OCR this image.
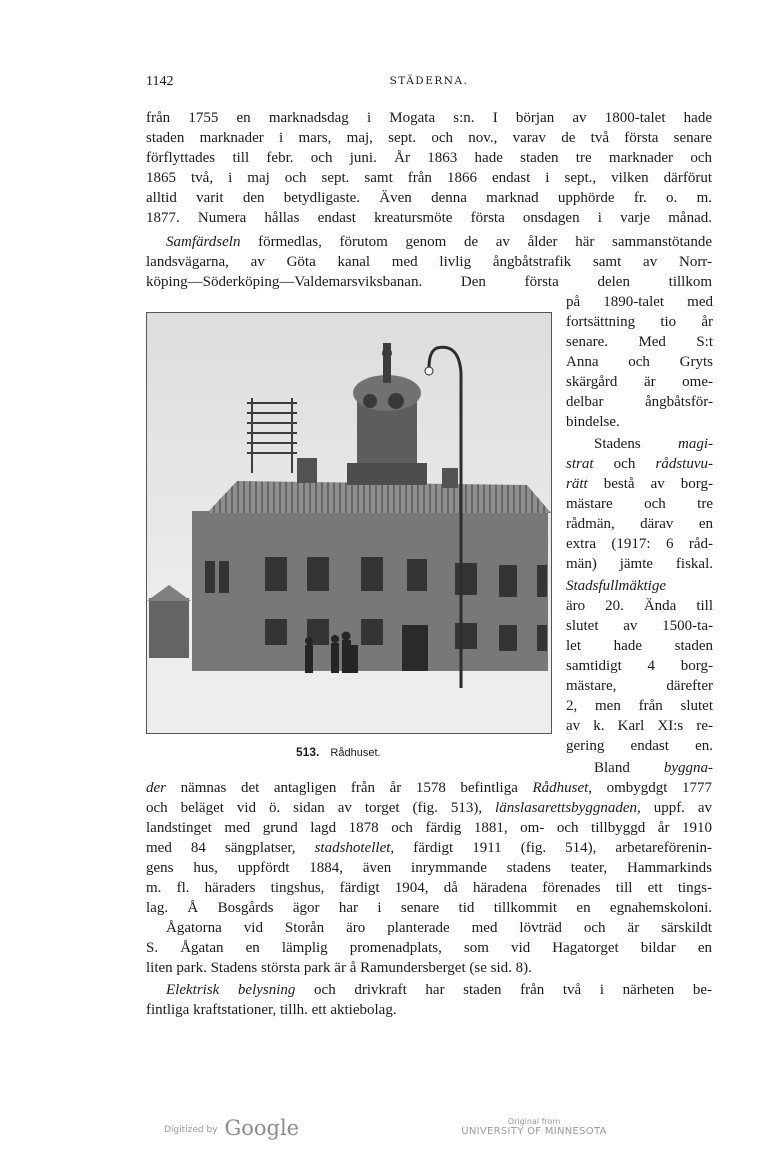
1142	STÄDERNA.
från 1755 en marknadsdag i Mogata s:n. I början av 1800-talet hade
staden marknader i mars, maj, sept. och nov., varav de två första senare
förflyttades till febr. och juni. År 1863 hade staden tre marknader och
1865 två, i maj och sept. samt från 1866 endast i sept., vilken därförut
alltid varit den betydligaste. Även denna marknad upphörde fr. o. m.
1877. Numera hållas endast kreatursmöte första onsdagen i varje månad.
Samfärdseln förmedlas, förutom genom de av ålder här sammanstötande
landsvägarna, av Göta kanal med livlig ångbåtstrafik samt av Norr-
köping—Söderköping—Valdemarsviksbanan. Den första delen tillkom
på 1890-talet med
fortsättning tio år
senare. Med S:t
Anna och Gryts
skärgård är ome-
delbar ångbåtsför-
bindelse.
Stadens magi-
strat och rådstuvu-
rätt bestå av borg-
mästare och tre
rådmän, därav en
extra (1917: 6 råd-
män) jämte fiskal.
Stadsfullmäktige
äro 20. Ända till
slutet av 1500-ta-
let hade staden
samtidigt 4 borg-
mästare, därefter
2, men från slutet
av k. Karl XI:s re-
gering endast en.
Bland byggna-
513. Rådhuset.
der nämnas det antagligen från år 1578 befintliga Rådhuset, ombygdgt 1777
och beläget vid ö. sidan av torget (fig. 513), länslasarettsbyggnaden, uppf. av
landstinget med grund lagd 1878 och färdig 1881, om- och tillbyggd år 1910
med 84 sängplatser, stadshotellet, färdigt 1911 (fig. 514), arbetareförenin-
gens hus, uppfördt 1884, även inrymmande stadens teater, Hammarkinds
m. fl. häraders tingshus, färdigt 1904, då häradena förenades till ett tings-
lag. Å Bosgårds ägor har i senare tid tillkommit en egnahemskoloni.
Ågatorna vid Storån äro planterade med lövträd och är särskildt
S. Ågatan en lämplig promenadplats, som vid Hagatorget bildar en
liten park. Stadens största park är å Ramundersberget (se sid. 8).
Elektrisk belysning och drivkraft har staden från två i närheten be-
fintliga kraftstationer, tillh. ett aktiebolag.
Digitized by Google	Original from
UNIVERSITY OF MINNESOTA
